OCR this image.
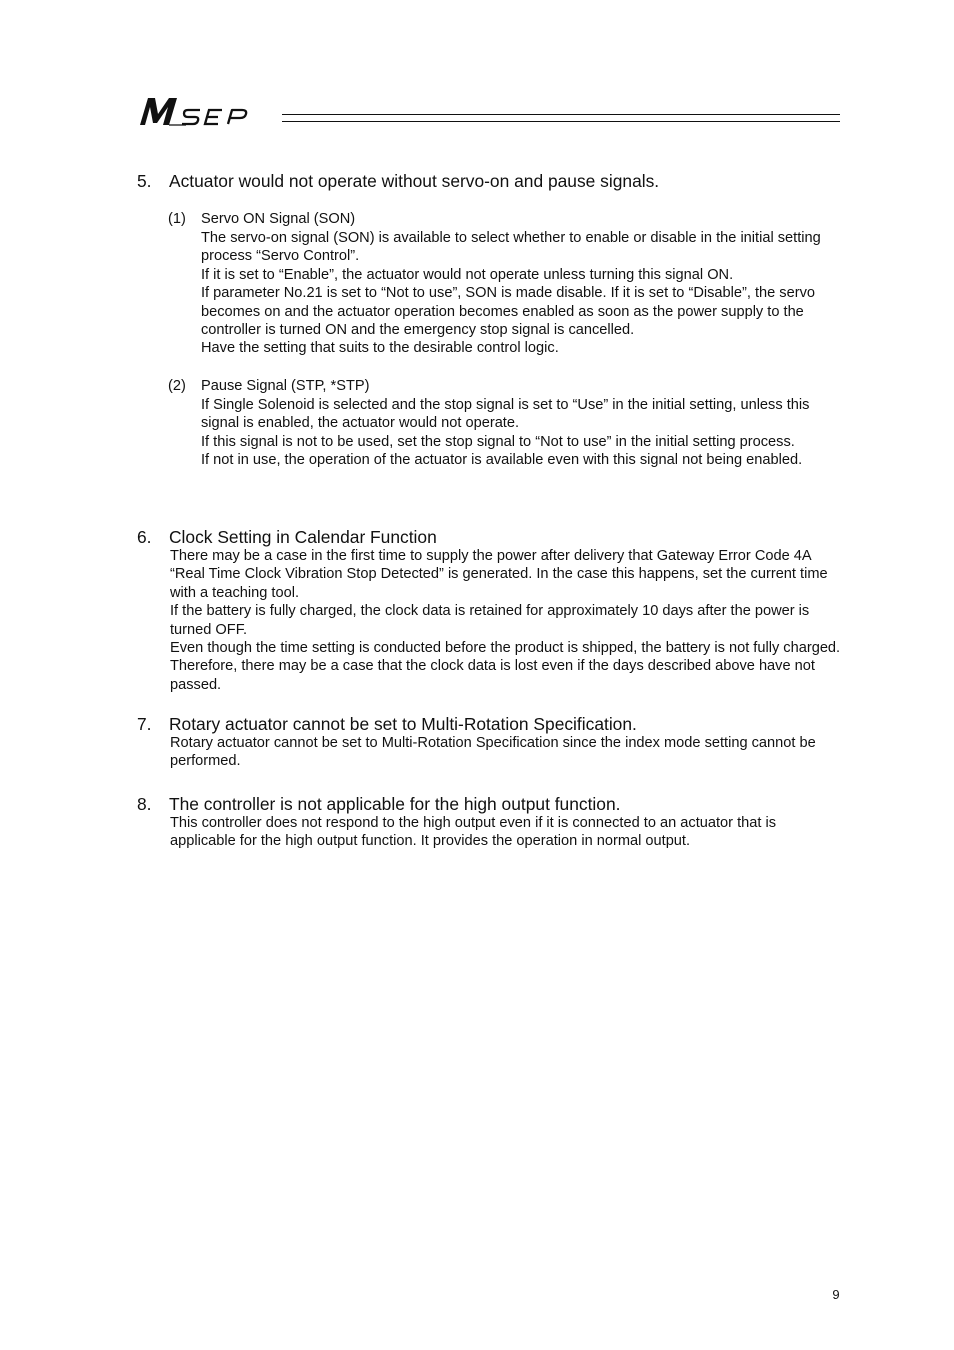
5. Actuator would not operate without servo-on and pause signals.
(1) Servo ON Signal (SON)

The servo-on signal (SON) is available to select whether to enable or disable in the initial setting process “Servo Control”.

If it is set to “Enable”, the actuator would not operate unless turning this signal ON.

If parameter No.21 is set to “Not to use”, SON is made disable. If it is set to “Disable”, the servo becomes on and the actuator operation becomes enabled as soon as the power supply to the controller is turned ON and the emergency stop signal is cancelled.

Have the setting that suits to the desirable control logic.

(2) Pause Signal (STP, *STP)

If Single Solenoid is selected and the stop signal is set to “Use” in the initial setting, unless this signal is enabled, the actuator would not operate.

If this signal is not to be used, set the stop signal to “Not to use” in the initial setting process.

If not in use, the operation of the actuator is available even with this signal not being enabled.

6. Clock Setting in Calendar Function

There may be a case in the first time to supply the power after delivery that Gateway Error Code 4A “Real Time Clock Vibration Stop Detected” is generated. In the case this happens, set the current time with a teaching tool.

If the battery is fully charged, the clock data is retained for approximately 10 days after the power is turned OFF.

Even though the time setting is conducted before the product is shipped, the battery is not fully charged. Therefore, there may be a case that the clock data is lost even if the days described above have not passed.

7. Rotary actuator cannot be set to Multi-Rotation Specification.

Rotary actuator cannot be set to Multi-Rotation Specification since the index mode setting cannot be performed.

8. The controller is not applicable for the high output function.

This controller does not respond to the high output even if it is connected to an actuator that is applicable for the high output function. It provides the operation in normal output.

9
